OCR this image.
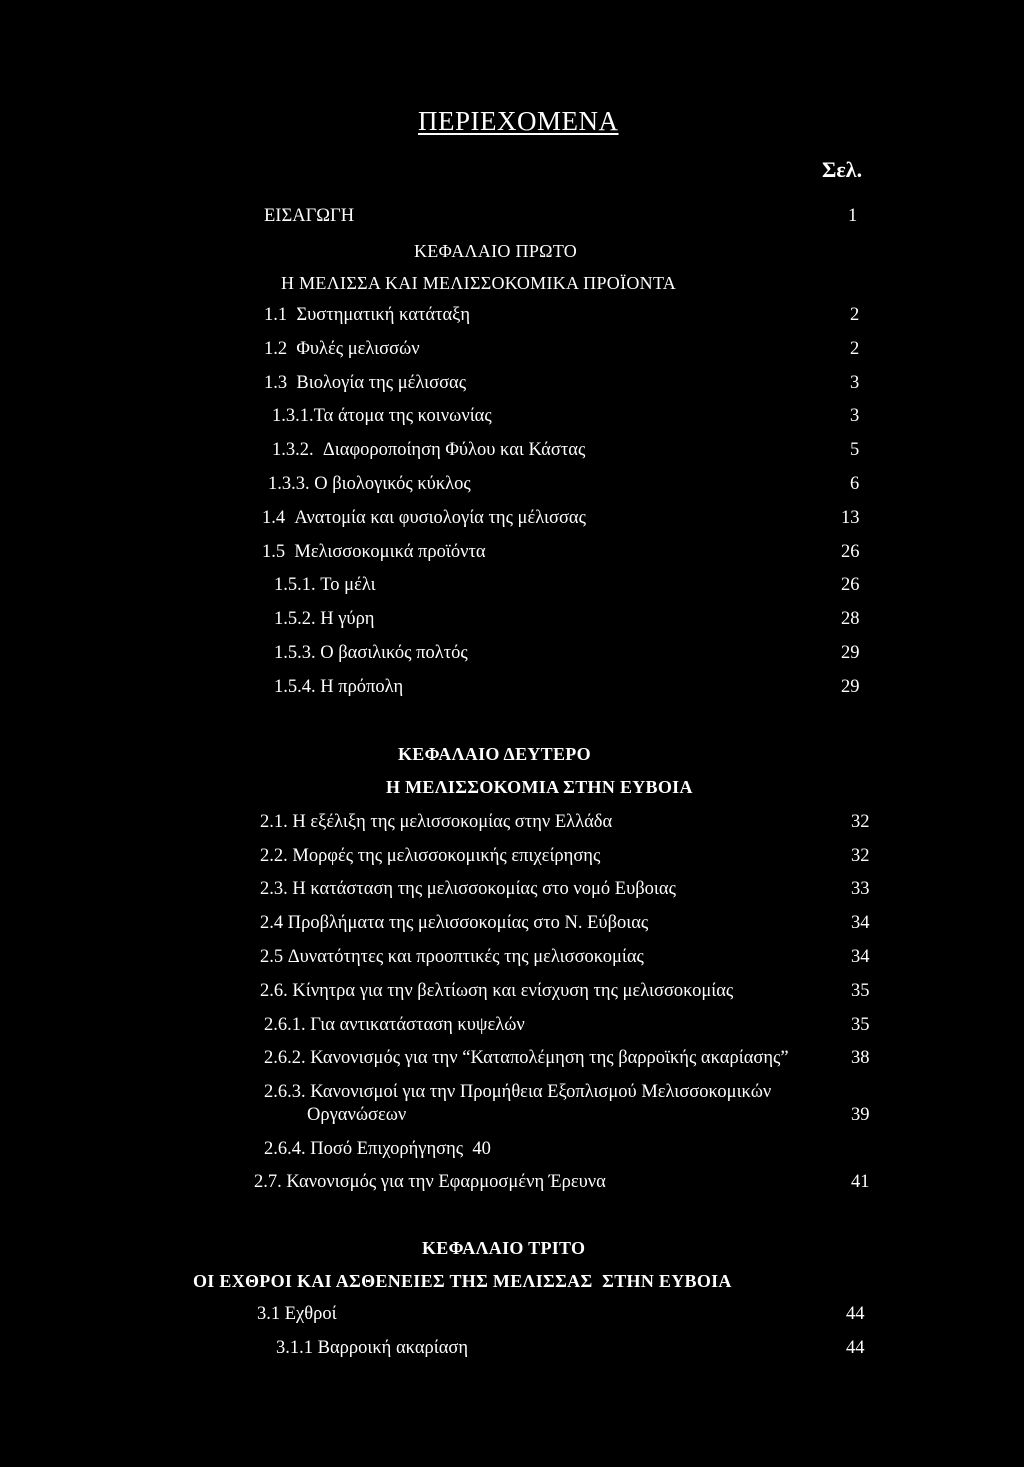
ΠΕΡΙΕΧΟΜΕΝΑ
Σελ.
ΕΙΣΑΓΩΓΗ	1
ΚΕΦΑΛΑΙΟ ΠΡΩΤΟ
Η ΜΕΛΙΣΣΑ ΚΑΙ ΜΕΛΙΣΣΟΚΟΜΙΚΑ ΠΡΟΪΟΝΤΑ
1.1 Συστηματική κατάταξη	2
1.2 Φυλές μελισσών	2
1.3 Βιολογία της μέλισσας	3
1.3.1.Τα άτομα της κοινωνίας	3
1.3.2. Διαφοροποίηση Φύλου και Κάστας	5
1.3.3. Ο βιολογικός κύκλος	6
1.4 Ανατομία και φυσιολογία της μέλισσας	13
1.5 Μελισσοκομικά προϊόντα	26
1.5.1. Το μέλι	26
1.5.2. Η γύρη	28
1.5.3. Ο βασιλικός πολτός	29
1.5.4. Η πρόπολη	29
ΚΕΦΑΛΑΙΟ ΔΕΥΤΕΡΟ
Η ΜΕΛΙΣΣΟΚΟΜΙΑ ΣΤΗΝ ΕΥΒΟΙΑ
2.1. Η εξέλιξη της μελισσοκομίας στην Ελλάδα	32
2.2. Μορφές της μελισσοκομικής επιχείρησης	32
2.3. Η κατάσταση της μελισσοκομίας στο νομό Ευβοιας	33
2.4 Προβλήματα της μελισσοκομίας στο Ν. Εύβοιας	34
2.5 Δυνατότητες και προοπτικές της μελισσοκομίας	34
2.6. Κίνητρα για την βελτίωση και ενίσχυση της μελισσοκομίας	35
2.6.1. Για αντικατάσταση κυψελών	35
2.6.2. Κανονισμός για την “Καταπολέμηση της βαρροϊκής ακαρίασης”	38
2.6.3. Κανονισμοί για την Προμήθεια Εξοπλισμού Μελισσοκομικών
Οργανώσεων	39
2.6.4. Ποσό Επιχορήγησης 40
2.7. Κανονισμός για την Εφαρμοσμένη Έρευνα	41
ΚΕΦΑΛΑΙΟ ΤΡΙΤΟ
ΟΙ ΕΧΘΡΟΙ ΚΑΙ ΑΣΘΕΝΕΙΕΣ ΤΗΣ ΜΕΛΙΣΣΑΣ  ΣΤΗΝ ΕΥΒΟΙΑ
3.1 Εχθροί	44
3.1.1 Βαρροική ακαρίαση	44
